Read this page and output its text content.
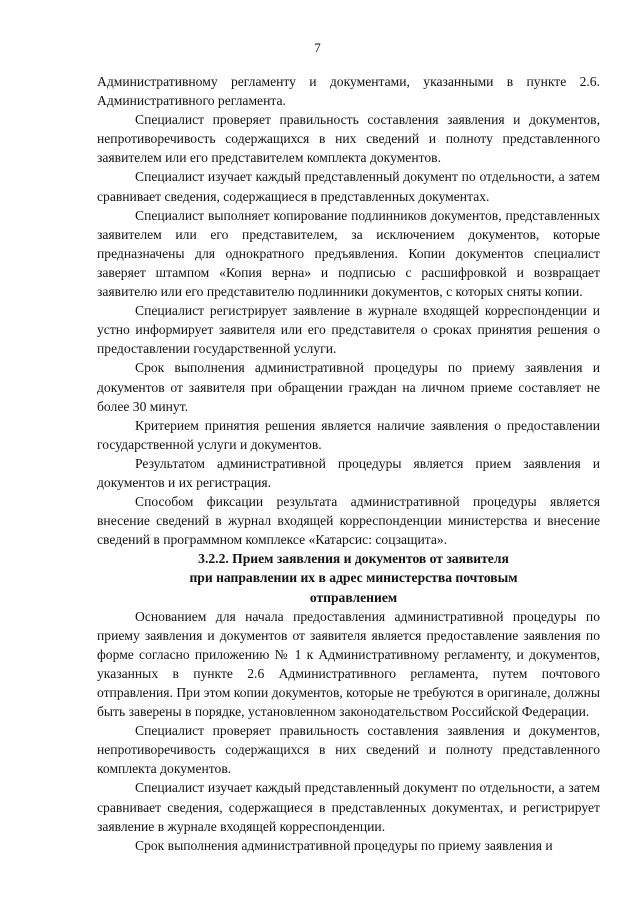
7

Административному регламенту и документами, указанными в пункте 2.6. Административного регламента.

Специалист проверяет правильность составления заявления и документов, непротиворечивость содержащихся в них сведений и полноту представленного заявителем или его представителем комплекта документов.

Специалист изучает каждый представленный документ по отдельности, а затем сравнивает сведения, содержащиеся в представленных документах.

Специалист выполняет копирование подлинников документов, представленных заявителем или его представителем, за исключением документов, которые предназначены для однократного предъявления. Копии документов специалист заверяет штампом «Копия верна» и подписью с расшифровкой и возвращает заявителю или его представителю подлинники документов, с которых сняты копии.

Специалист регистрирует заявление в журнале входящей корреспонденции и устно информирует заявителя или его представителя о сроках принятия решения о предоставлении государственной услуги.

Срок выполнения административной процедуры по приему заявления и документов от заявителя при обращении граждан на личном приеме составляет не более 30 минут.

Критерием принятия решения является наличие заявления о предоставлении государственной услуги и документов.

Результатом административной процедуры является прием заявления и документов и их регистрация.

Способом фиксации результата административной процедуры является внесение сведений в журнал входящей корреспонденции министерства и внесение сведений в программном комплексе «Катарсис: соцзащита».

3.2.2. Прием заявления и документов от заявителя
при направлении их в адрес министерства почтовым
отправлением

Основанием для начала предоставления административной процедуры по приему заявления и документов от заявителя является предоставление заявления по форме согласно приложению № 1 к Административному регламенту, и документов, указанных в пункте 2.6 Административного регламента, путем почтового отправления. При этом копии документов, которые не требуются в оригинале, должны быть заверены в порядке, установленном законодательством Российской Федерации.

Специалист проверяет правильность составления заявления и документов, непротиворечивость содержащихся в них сведений и полноту представленного комплекта документов.

Специалист изучает каждый представленный документ по отдельности, а затем сравнивает сведения, содержащиеся в представленных документах, и регистрирует заявление в журнале входящей корреспонденции.

Срок выполнения административной процедуры по приему заявления и
